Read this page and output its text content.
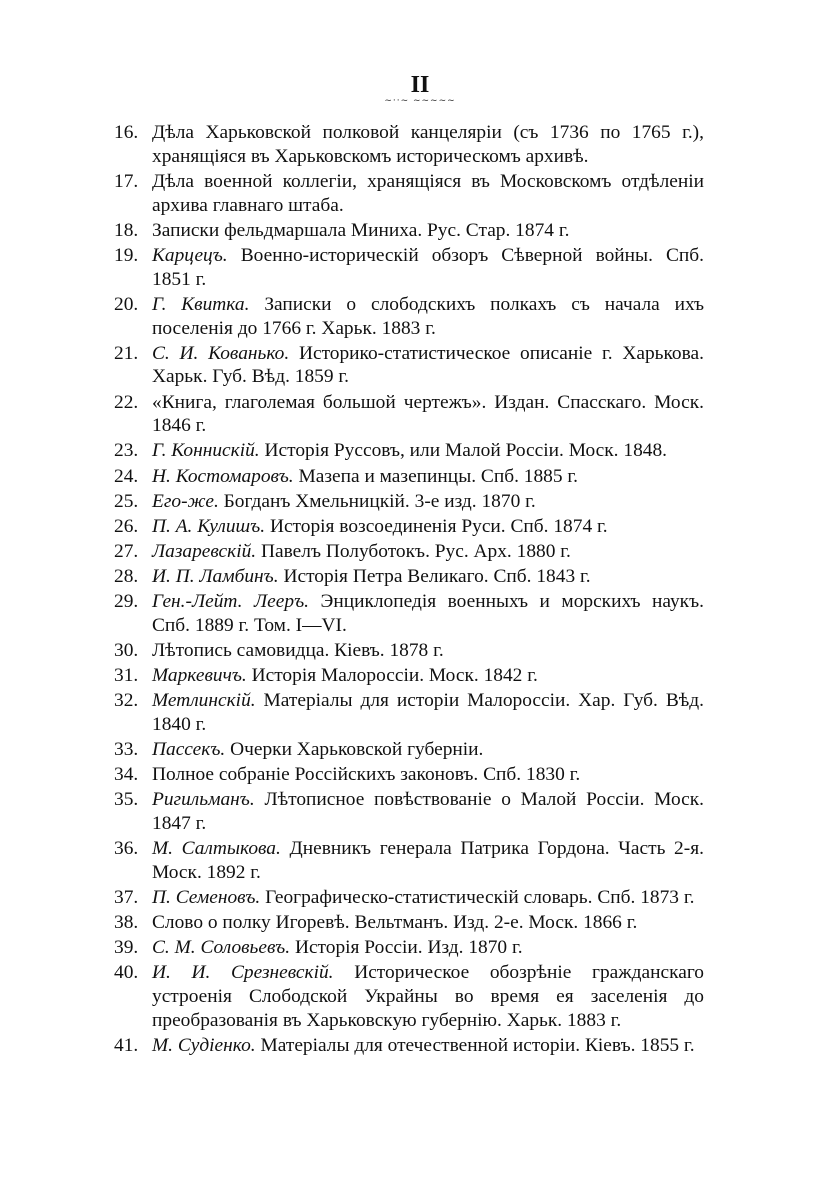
II
~··~ ~~~~~
16. Дѣла Харьковской полковой канцеляріи (съ 1736 по 1765 г.), хранящіяся въ Харьковскомъ историческомъ архивѣ.
17. Дѣла военной коллегіи, хранящіяся въ Московскомъ отдѣленіи архива главнаго штаба.
18. Записки фельдмаршала Миниха. Рус. Стар. 1874 г.
19. Карцецъ. Военно-историческій обзоръ Сѣверной войны. Спб. 1851 г.
20. Г. Квитка. Записки о слободскихъ полкахъ съ начала ихъ поселенія до 1766 г. Харьк. 1883 г.
21. С. И. Кованько. Историко-статистическое описаніе г. Харькова. Харьк. Губ. Вѣд. 1859 г.
22. «Книга, глаголемая большой чертежъ». Издан. Спасскаго. Моск. 1846 г.
23. Г. Коннискій. Исторія Руссовъ, или Малой Россіи. Моск. 1848.
24. Н. Костомаровъ. Мазепа и мазепинцы. Спб. 1885 г.
25. Его-же. Богданъ Хмельницкій. 3-е изд. 1870 г.
26. П. А. Кулишъ. Исторія возсоединенія Руси. Спб. 1874 г.
27. Лазаревскій. Павелъ Полуботокъ. Рус. Арх. 1880 г.
28. И. П. Ламбинъ. Исторія Петра Великаго. Спб. 1843 г.
29. Ген.-Лейт. Лееръ. Энциклопедія военныхъ и морскихъ наукъ. Спб. 1889 г. Том. I—VI.
30. Лѣтопись самовидца. Кіевъ. 1878 г.
31. Маркевичъ. Исторія Малороссіи. Моск. 1842 г.
32. Метлинскій. Матеріалы для исторіи Малороссіи. Хар. Губ. Вѣд. 1840 г.
33. Пассекъ. Очерки Харьковской губерніи.
34. Полное собраніе Россійскихъ законовъ. Спб. 1830 г.
35. Ригильманъ. Лѣтописное повѣствованіе о Малой Россіи. Моск. 1847 г.
36. М. Салтыкова. Дневникъ генерала Патрика Гордона. Часть 2-я. Моск. 1892 г.
37. П. Семеновъ. Географическо-статистическій словарь. Спб. 1873 г.
38. Слово о полку Игоревѣ. Вельтманъ. Изд. 2-е. Моск. 1866 г.
39. С. М. Соловьевъ. Исторія Россіи. Изд. 1870 г.
40. И. И. Срезневскій. Историческое обозрѣніе гражданскаго устроенія Слободской Украйны во время ея заселенія до преобразованія въ Харьковскую губернію. Харьк. 1883 г.
41. М. Судіенко. Матеріалы для отечественной исторіи. Кіевъ. 1855 г.
